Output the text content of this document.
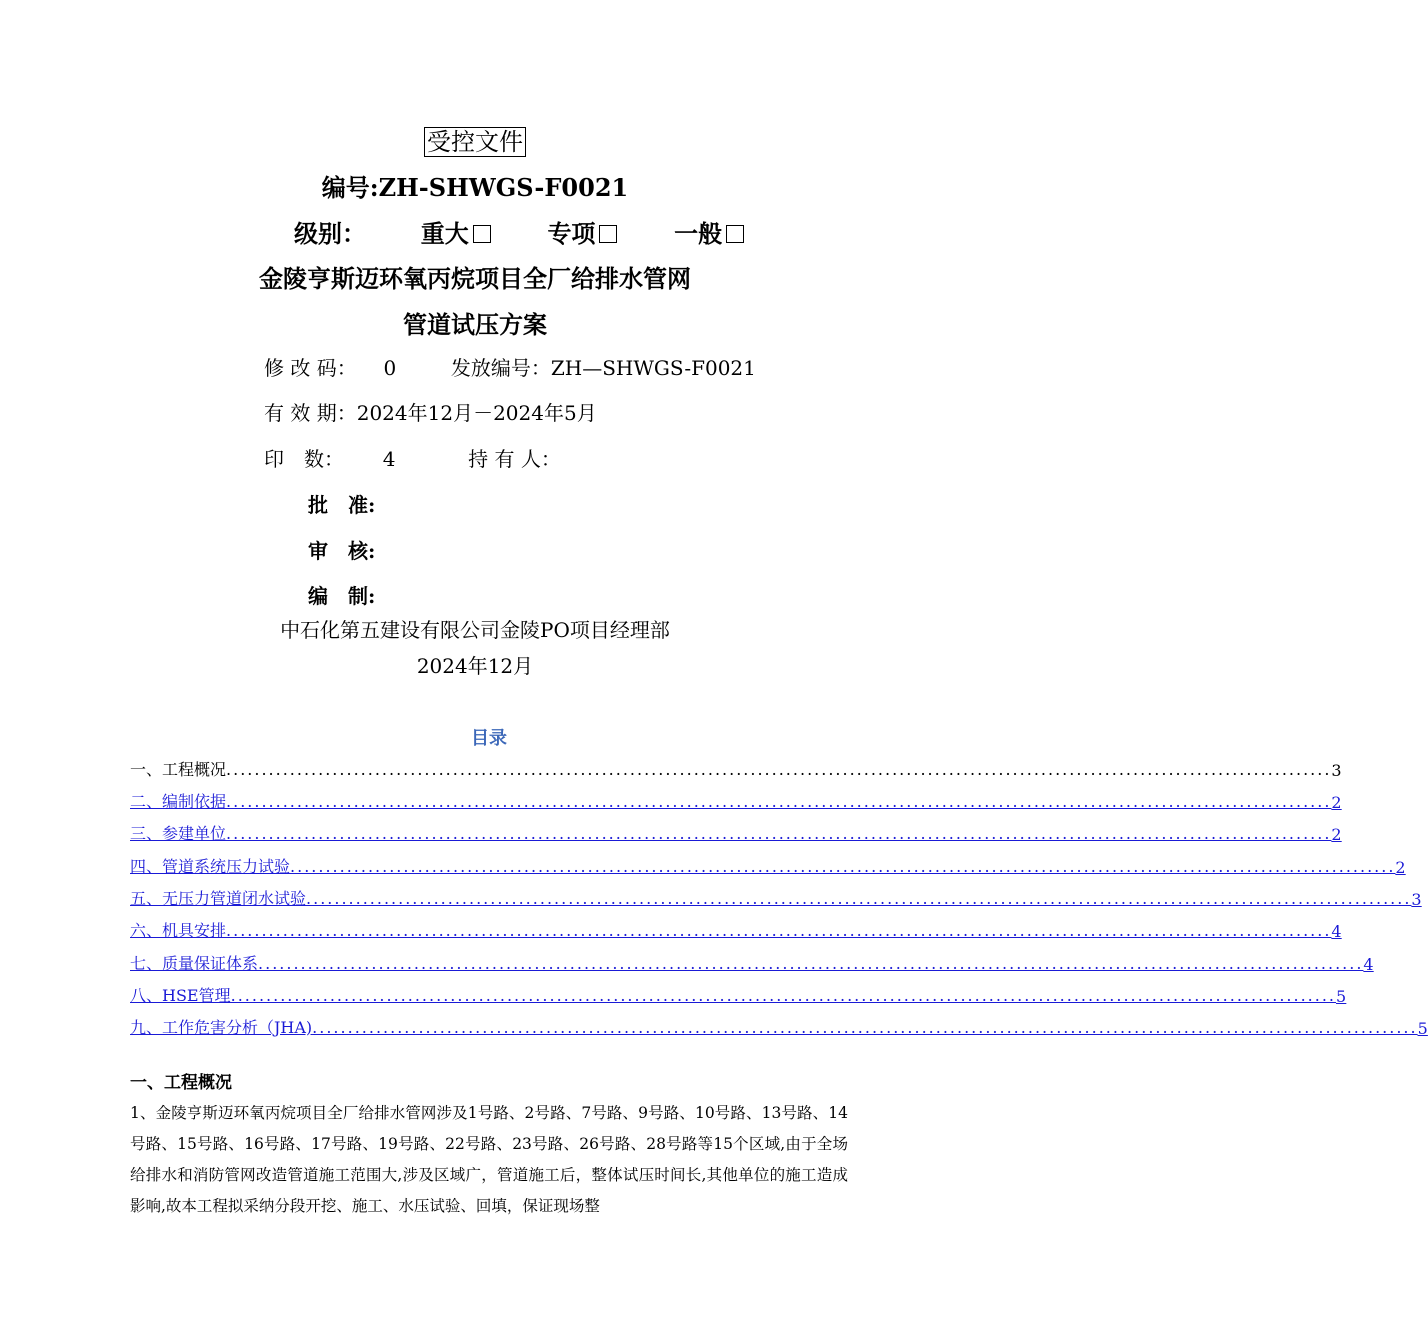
受控文件
编号:ZH-SHWGS-F0021
级别： 重大	专项	一般
金陵亨斯迈环氧丙烷项目全厂给排水管网
管道试压方案
修 改 码： 0	发放编号：ZH—SHWGS-F0021
有 效 期：2024年12月－2024年5月
印　数： 4	持 有 人：
批　准:
审　核:
编　制:
中石化第五建设有限公司金陵PO项目经理部
2024年12月
目录
一、工程概况 ............................................................................................................................................................ 3
二、编制依据 ............................................................................................................................................................ 2
三、参建单位 ............................................................................................................................................................ 2
四、管道系统压力试验 ............................................................................................................................................................ 2
五、无压力管道闭水试验 ............................................................................................................................................................ 3
六、机具安排 ............................................................................................................................................................ 4
七、质量保证体系 ............................................................................................................................................................ 4
八、HSE管理 ............................................................................................................................................................ 5
九、工作危害分析（JHA) ............................................................................................................................................................ 5
一、工程概况
1、金陵亨斯迈环氧丙烷项目全厂给排水管网涉及1号路、2号路、7号路、9号路、10号路、13号路、14号路、15号路、16号路、17号路、19号路、22号路、23号路、26号路、28号路等15个区域,由于全场给排水和消防管网改造管道施工范围大,涉及区域广，管道施工后，整体试压时间长,其他单位的施工造成影响,故本工程拟采纳分段开挖、施工、水压试验、回填，保证现场整
